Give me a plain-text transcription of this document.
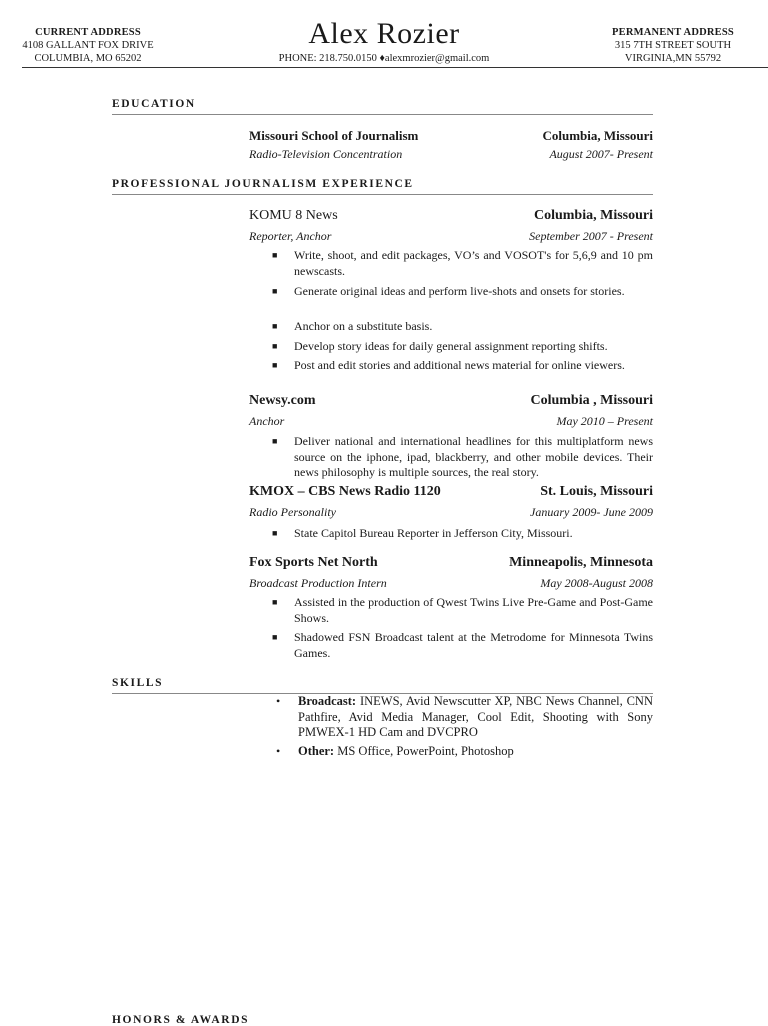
CURRENT ADDRESS
4108 GALLANT FOX DRIVE
COLUMBIA, MO 65202
Alex Rozier
PHONE: 218.750.0150 ♦alexmrozier@gmail.com
PERMANENT ADDRESS
315 7TH STREET SOUTH
VIRGINIA,MN 55792
EDUCATION
Missouri School of Journalism	Columbia, Missouri
Radio-Television Concentration	August 2007- Present
PROFESSIONAL JOURNALISM EXPERIENCE
KOMU 8 News	Columbia, Missouri
Reporter, Anchor	September 2007 - Present
■ Write, shoot, and edit packages, VO’s and VOSOT's for 5,6,9 and 10 pm newscasts.
■ Generate original ideas and perform live-shots and onsets for stories.
■ Anchor on a substitute basis.
■ Develop story ideas for daily general assignment reporting shifts.
■ Post and edit stories and additional news material for online viewers.
Newsy.com	Columbia , Missouri
Anchor	May 2010 – Present
■ Deliver national and international headlines for this multiplatform news source on the iphone, ipad, blackberry, and other mobile devices. Their news philosophy is multiple sources, the real story.
KMOX – CBS News Radio 1120	St. Louis, Missouri
Radio Personality	January 2009- June 2009
■ State Capitol Bureau Reporter in Jefferson City, Missouri.
Fox Sports Net North	Minneapolis, Minnesota
Broadcast Production Intern	May 2008-August 2008
■ Assisted in the production of Qwest Twins Live Pre-Game and Post-Game Shows.
■ Shadowed FSN Broadcast talent at the Metrodome for Minnesota Twins Games.
SKILLS
• Broadcast: INEWS, Avid Newscutter XP, NBC News Channel, CNN Pathfire, Avid Media Manager, Cool Edit, Shooting with Sony PMWEX-1 HD Cam and DVCPRO
• Other: MS Office, PowerPoint, Photoshop
HONORS & AWARDS
